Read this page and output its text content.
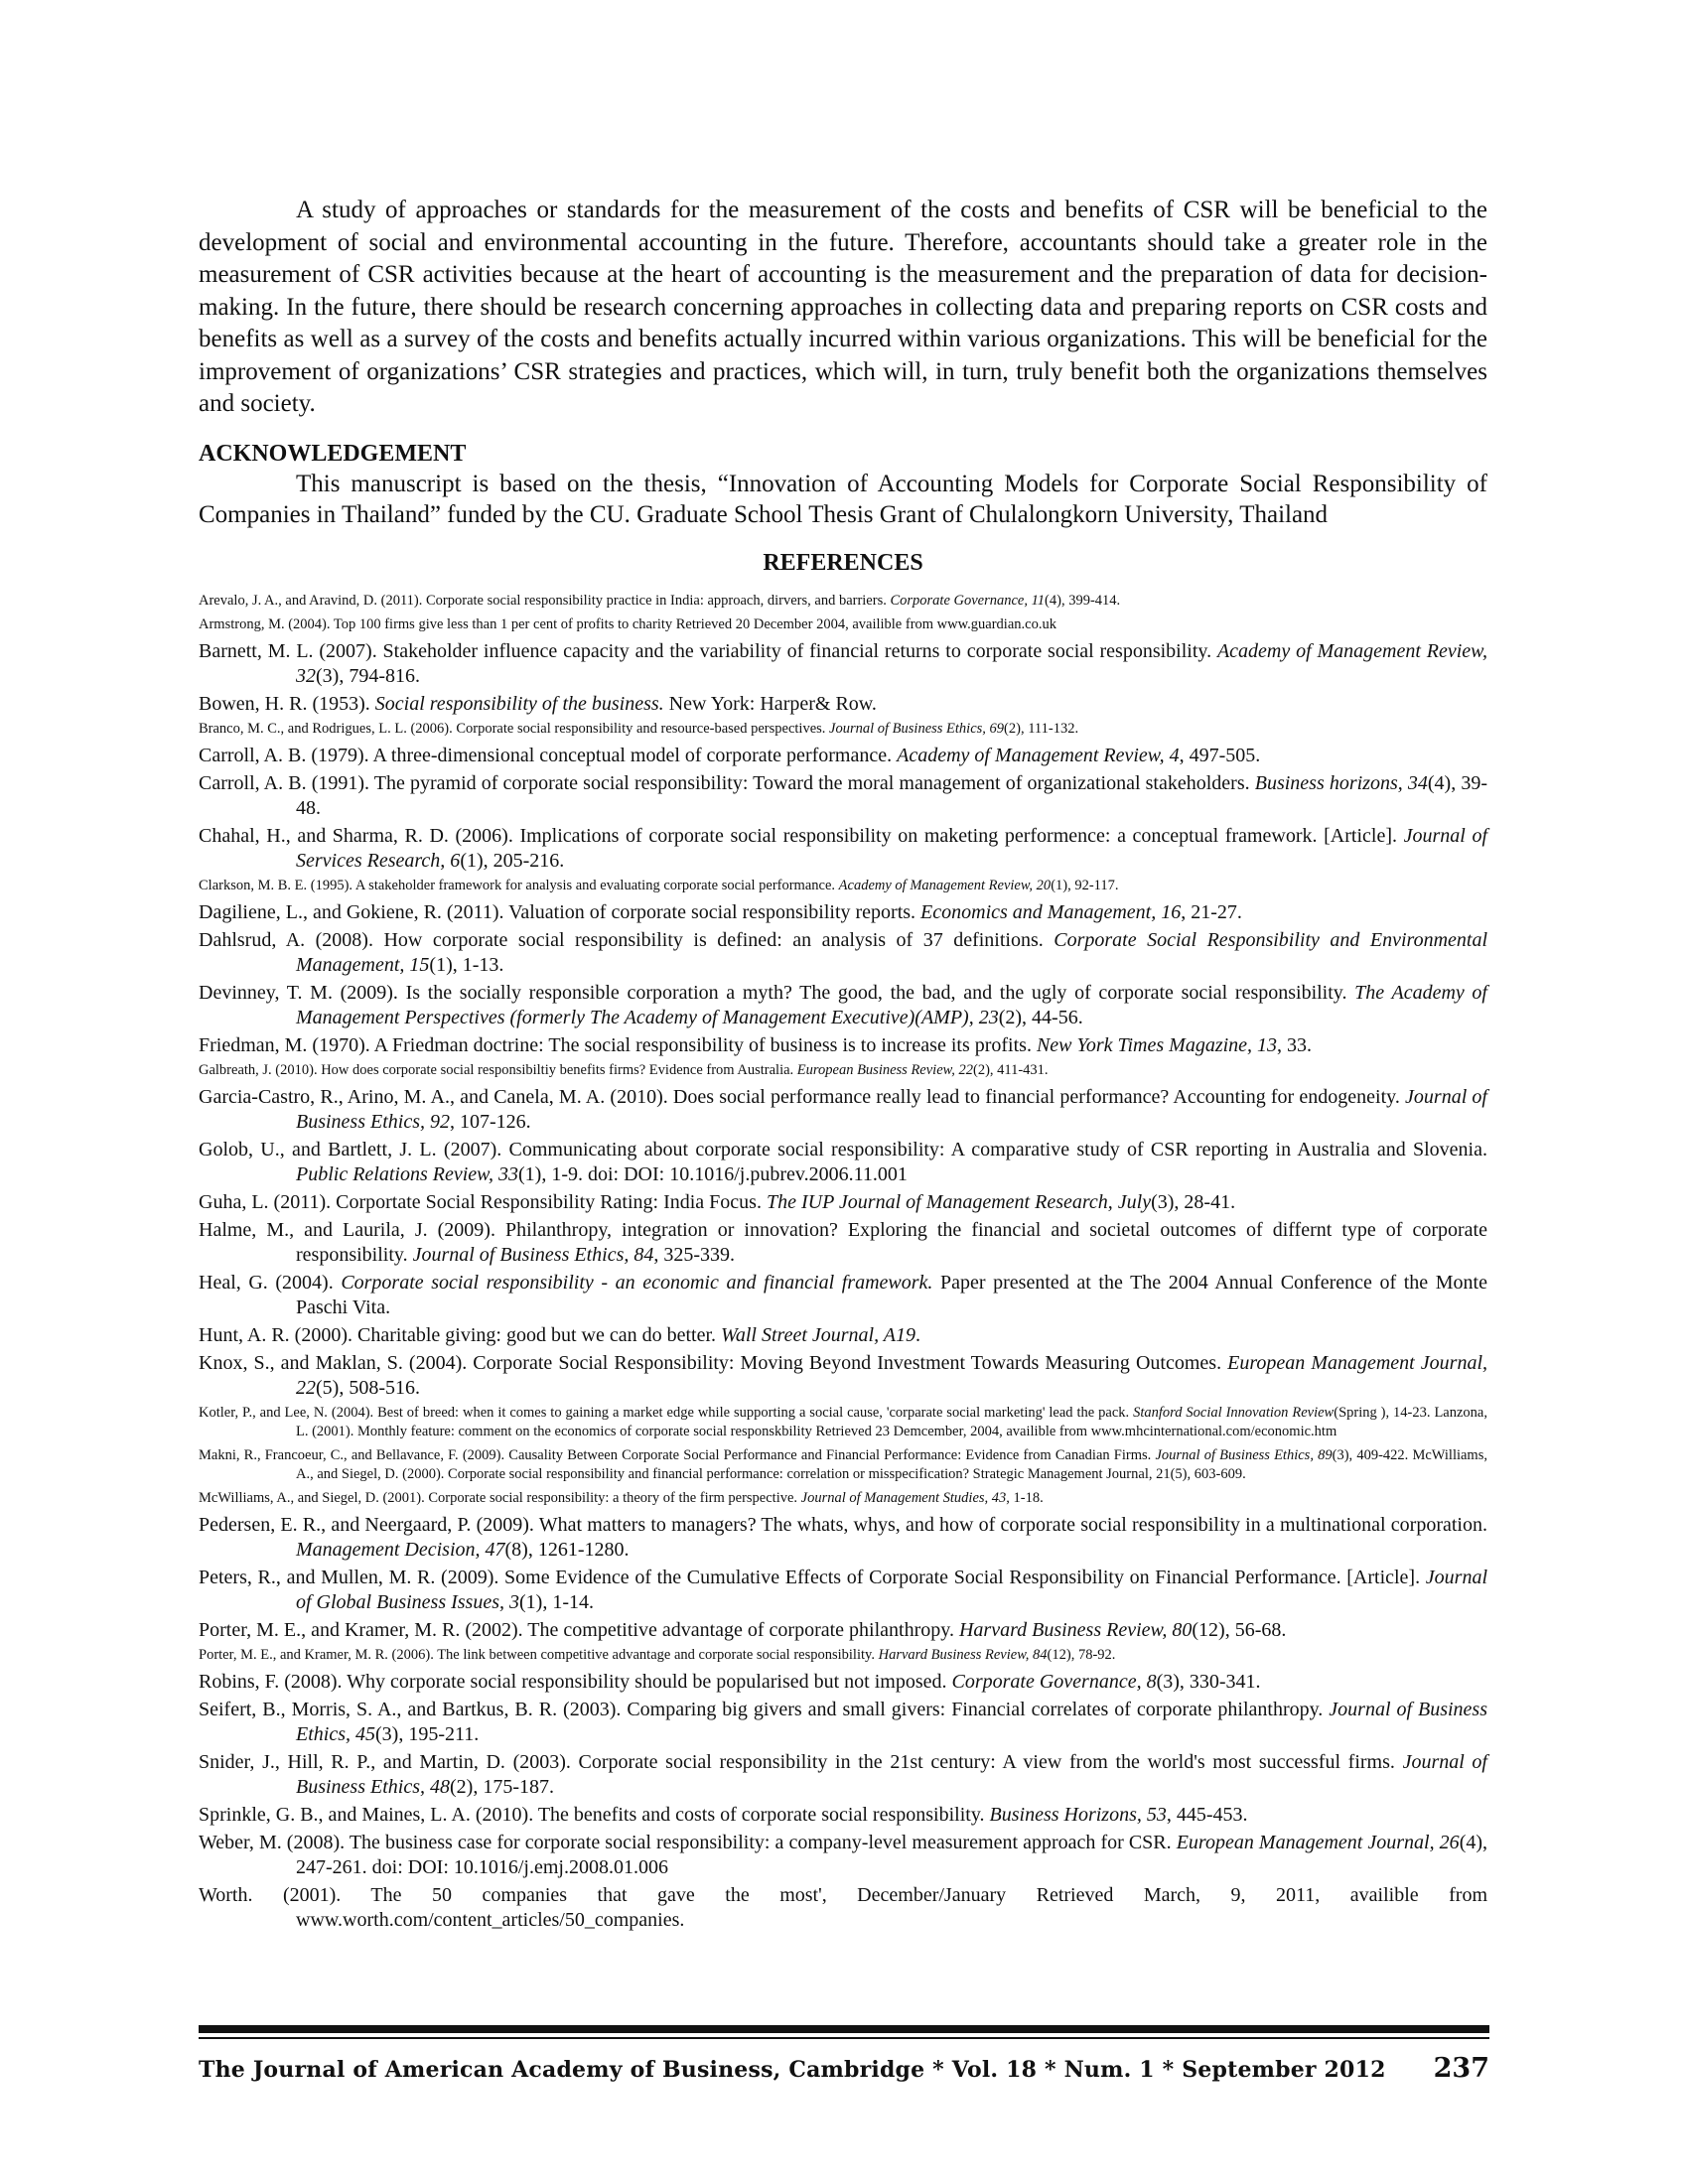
A study of approaches or standards for the measurement of the costs and benefits of CSR will be beneficial to the development of social and environmental accounting in the future. Therefore, accountants should take a greater role in the measurement of CSR activities because at the heart of accounting is the measurement and the preparation of data for decision-making. In the future, there should be research concerning approaches in collecting data and preparing reports on CSR costs and benefits as well as a survey of the costs and benefits actually incurred within various organizations. This will be beneficial for the improvement of organizations’ CSR strategies and practices, which will, in turn, truly benefit both the organizations themselves and society.

ACKNOWLEDGEMENT

This manuscript is based on the thesis, “Innovation of Accounting Models for Corporate Social Responsibility of Companies in Thailand” funded by the CU. Graduate School Thesis Grant of Chulalongkorn University, Thailand

REFERENCES

Arevalo, J. A., and Aravind, D. (2011). Corporate social responsibility practice in India: approach, dirvers, and barriers. Corporate Governance, 11(4), 399-414.

Armstrong, M. (2004). Top 100 firms give less than 1 per cent of profits to charity Retrieved 20 December 2004, availible from www.guardian.co.uk

Barnett, M. L. (2007). Stakeholder influence capacity and the variability of financial returns to corporate social responsibility. Academy of Management Review, 32(3), 794-816.

Bowen, H. R. (1953). Social responsibility of the business. New York: Harper& Row.

Branco, M. C., and Rodrigues, L. L. (2006). Corporate social responsibility and resource-based perspectives. Journal of Business Ethics, 69(2), 111-132.

Carroll, A. B. (1979). A three-dimensional conceptual model of corporate performance. Academy of Management Review, 4, 497-505.

Carroll, A. B. (1991). The pyramid of corporate social responsibility: Toward the moral management of organizational stakeholders. Business horizons, 34(4), 39-48.

Chahal, H., and Sharma, R. D. (2006). Implications of corporate social responsibility on maketing performence: a conceptual framework. [Article]. Journal of Services Research, 6(1), 205-216.

Clarkson, M. B. E. (1995). A stakeholder framework for analysis and evaluating corporate social performance. Academy of Management Review, 20(1), 92-117.

Dagiliene, L., and Gokiene, R. (2011). Valuation of corporate social responsibility reports. Economics and Management, 16, 21-27.

Dahlsrud, A. (2008). How corporate social responsibility is defined: an analysis of 37 definitions. Corporate Social Responsibility and Environmental Management, 15(1), 1-13.

Devinney, T. M. (2009). Is the socially responsible corporation a myth? The good, the bad, and the ugly of corporate social responsibility. The Academy of Management Perspectives (formerly The Academy of Management Executive)(AMP), 23(2), 44-56.

Friedman, M. (1970). A Friedman doctrine: The social responsibility of business is to increase its profits. New York Times Magazine, 13, 33.

Galbreath, J. (2010). How does corporate social responsibiltiy benefits firms? Evidence from Australia. European Business Review, 22(2), 411-431.

Garcia-Castro, R., Arino, M. A., and Canela, M. A. (2010). Does social performance really lead to financial performance? Accounting for endogeneity. Journal of Business Ethics, 92, 107-126.

Golob, U., and Bartlett, J. L. (2007). Communicating about corporate social responsibility: A comparative study of CSR reporting in Australia and Slovenia. Public Relations Review, 33(1), 1-9. doi: DOI: 10.1016/j.pubrev.2006.11.001

Guha, L. (2011). Corportate Social Responsibility Rating: India Focus. The IUP Journal of Management Research, July(3), 28-41.

Halme, M., and Laurila, J. (2009). Philanthropy, integration or innovation? Exploring the financial and societal outcomes of differnt type of corporate responsibility. Journal of Business Ethics, 84, 325-339.

Heal, G. (2004). Corporate social responsibility - an economic and financial framework. Paper presented at the The 2004 Annual Conference of the Monte Paschi Vita.

Hunt, A. R. (2000). Charitable giving: good but we can do better. Wall Street Journal, A19.

Knox, S., and Maklan, S. (2004). Corporate Social Responsibility: Moving Beyond Investment Towards Measuring Outcomes. European Management Journal, 22(5), 508-516.

Kotler, P., and Lee, N. (2004). Best of breed: when it comes to gaining a market edge while supporting a social cause, 'corparate social marketing' lead the pack. Stanford Social Innovation Review(Spring ), 14-23. Lanzona, L. (2001). Monthly feature: comment on the economics of corporate social responskbility Retrieved 23 Demcember, 2004, availible from www.mhcinternational.com/economic.htm

Makni, R., Francoeur, C., and Bellavance, F. (2009). Causality Between Corporate Social Performance and Financial Performance: Evidence from Canadian Firms. Journal of Business Ethics, 89(3), 409-422. McWilliams, A., and Siegel, D. (2000). Corporate social responsibility and financial performance: correlation or misspecification? Strategic Management Journal, 21(5), 603-609.

McWilliams, A., and Siegel, D. (2001). Corporate social responsibility: a theory of the firm perspective. Journal of Management Studies, 43, 1-18.

Pedersen, E. R., and Neergaard, P. (2009). What matters to managers? The whats, whys, and how of corporate social responsibility in a multinational corporation. Management Decision, 47(8), 1261-1280.

Peters, R., and Mullen, M. R. (2009). Some Evidence of the Cumulative Effects of Corporate Social Responsibility on Financial Performance. [Article]. Journal of Global Business Issues, 3(1), 1-14.

Porter, M. E., and Kramer, M. R. (2002). The competitive advantage of corporate philanthropy. Harvard Business Review, 80(12), 56-68.

Porter, M. E., and Kramer, M. R. (2006). The link between competitive advantage and corporate social responsibility. Harvard Business Review, 84(12), 78-92.

Robins, F. (2008). Why corporate social responsibility should be popularised but not imposed. Corporate Governance, 8(3), 330-341.

Seifert, B., Morris, S. A., and Bartkus, B. R. (2003). Comparing big givers and small givers: Financial correlates of corporate philanthropy. Journal of Business Ethics, 45(3), 195-211.

Snider, J., Hill, R. P., and Martin, D. (2003). Corporate social responsibility in the 21st century: A view from the world's most successful firms. Journal of Business Ethics, 48(2), 175-187.

Sprinkle, G. B., and Maines, L. A. (2010). The benefits and costs of corporate social responsibility. Business Horizons, 53, 445-453.

Weber, M. (2008). The business case for corporate social responsibility: a company-level measurement approach for CSR. European Management Journal, 26(4), 247-261. doi: DOI: 10.1016/j.emj.2008.01.006

Worth. (2001). The 50 companies that gave the most', December/January Retrieved March, 9, 2011, availible from www.worth.com/content_articles/50_companies.

The Journal of American Academy of Business, Cambridge * Vol. 18 * Num. 1 * September 2012 237
